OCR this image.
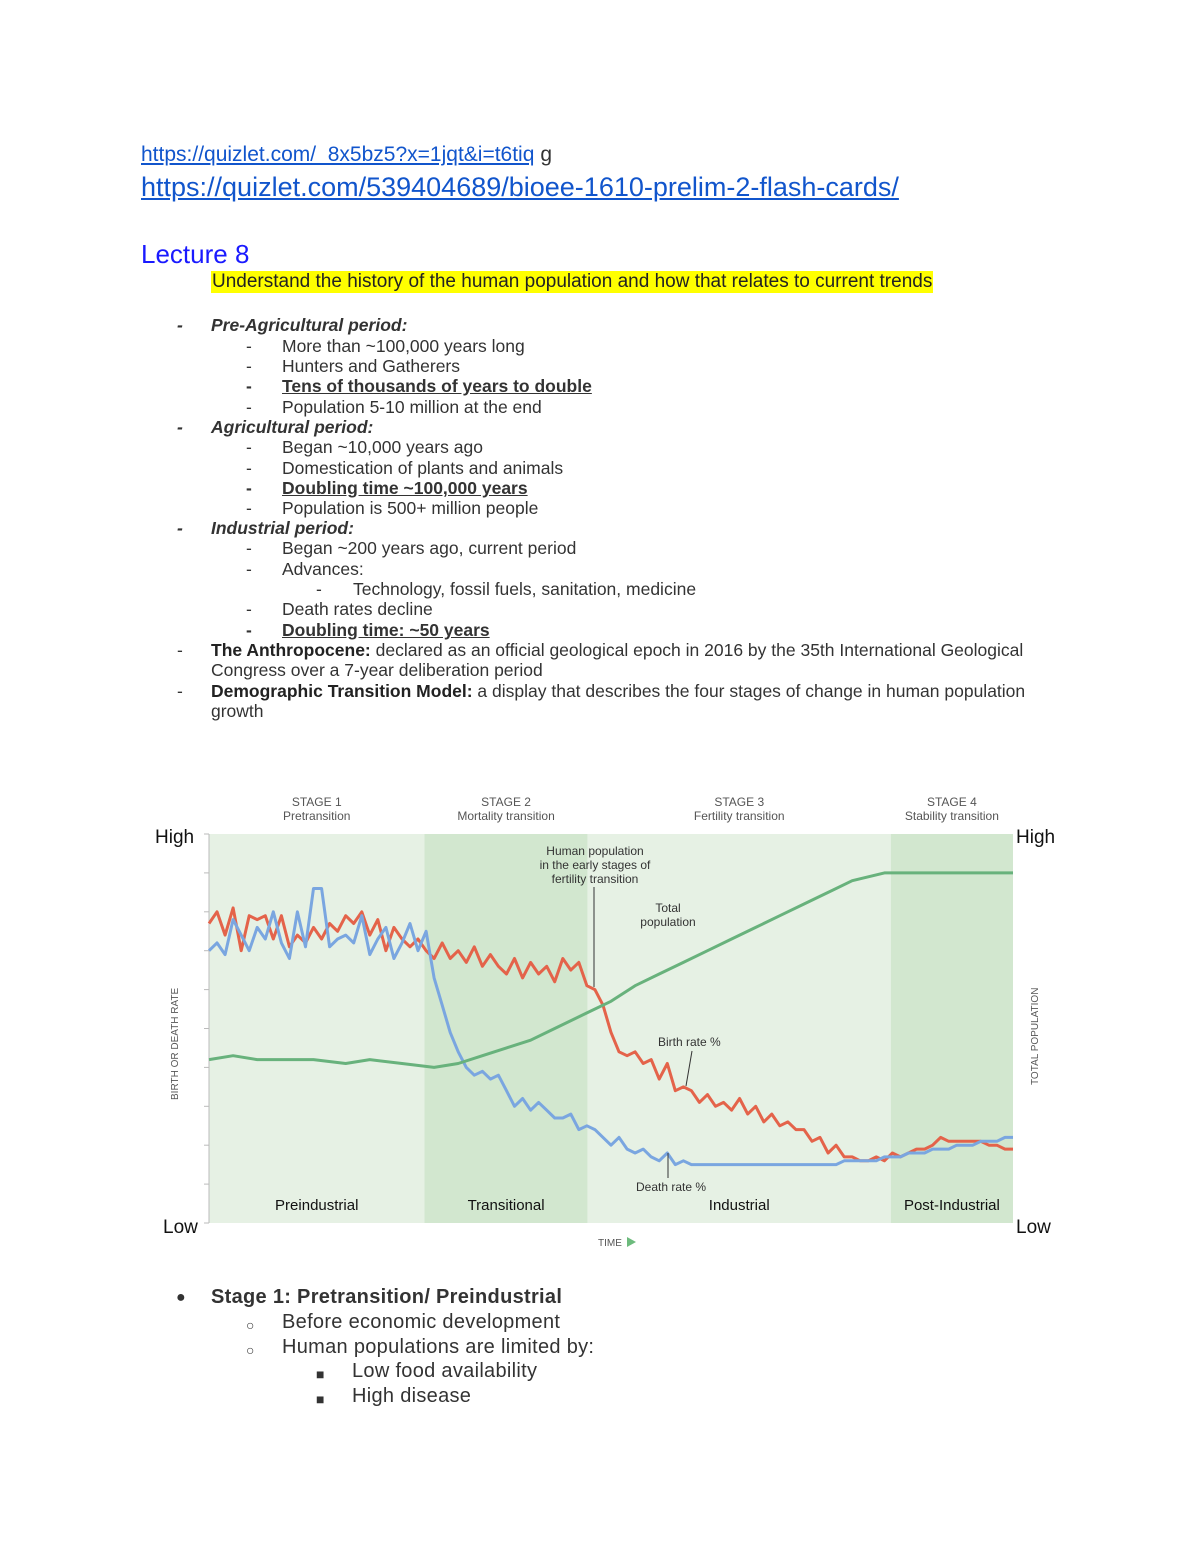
https://quizlet.com/_8x5bz5?x=1jqt&i=t6tiq g
https://quizlet.com/539404689/bioee-1610-prelim-2-flash-cards/
Lecture 8
Understand the history of the human population and how that relates to current trends
- Pre-Agricultural period:
- More than ~100,000 years long
- Hunters and Gatherers
- Tens of thousands of years to double
- Population 5-10 million at the end
- Agricultural period:
- Began ~10,000 years ago
- Domestication of plants and animals
- Doubling time ~100,000 years
- Population is 500+ million people
- Industrial period:
- Began ~200 years ago, current period
- Advances:
- Technology, fossil fuels, sanitation, medicine
- Death rates decline
- Doubling time: ~50 years
- The Anthropocene: declared as an official geological epoch in 2016 by the 35th International Geological Congress over a 7-year deliberation period
- Demographic Transition Model: a display that describes the four stages of change in human population growth
STAGE 1
Pretransition
Preindustrial
STAGE 2
Mortality transition
Transitional
STAGE 3
Fertility transition
Industrial
STAGE 4
Stability transition
Post-Industrial
High
Low
High
Low
BIRTH OR DEATH RATE	TOTAL POPULATION
TIME
Human population
in the early stages of
fertility transition
Total
population
Birth rate %
Death rate %
● Stage 1: Pretransition/ Preindustrial
○ Before economic development
○ Human populations are limited by:
■ Low food availability
■ High disease
